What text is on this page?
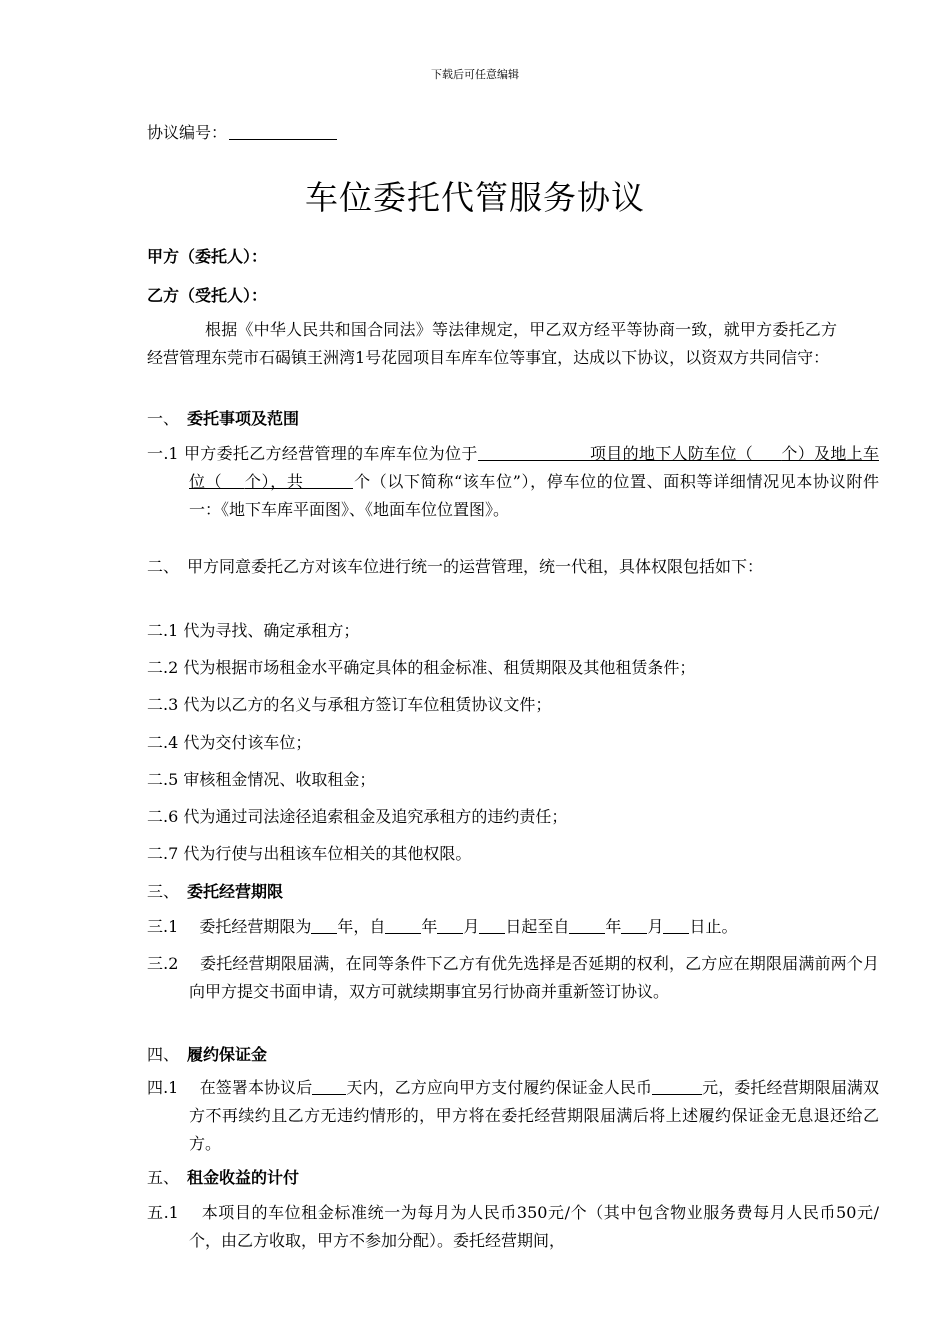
下载后可任意编辑
协议编号：
车位委托代管服务协议
甲方（委托人）：
乙方（受托人）：
根据《中华人民共和国合同法》等法律规定，甲乙双方经平等协商一致，就甲方委托乙方经营管理东莞市石碣镇王洲湾1号花园项目车库车位等事宜，达成以下协议，以资双方共同信守：
一、 委托事项及范围
一.1 甲方委托乙方经营管理的车库车位为位于	项目的地下人防车位（ 个）及地上车位（ 个），共	个（以下简称“该车位”），停车位的位置、面积等详细情况见本协议附件一：《地下车库平面图》、《地面车位位置图》。
二、　甲方同意委托乙方对该车位进行统一的运营管理，统一代租，具体权限包括如下：
二.1 代为寻找、确定承租方；
二.2 代为根据市场租金水平确定具体的租金标准、租赁期限及其他租赁条件；
二.3 代为以乙方的名义与承租方签订车位租赁协议文件；
二.4 代为交付该车位；
二.5 审核租金情况、收取租金；
二.6 代为通过司法途径追索租金及追究承租方的违约责任；
二.7 代为行使与出租该车位相关的其他权限。
三、 委托经营期限
三.1　 委托经营期限为 年，自 年 月 日起至自 年 月 日止。
三.2　 委托经营期限届满，在同等条件下乙方有优先选择是否延期的权利，乙方应在期限届满前两个月向甲方提交书面申请，双方可就续期事宜另行协商并重新签订协议。
四、 履约保证金
四.1　 在签署本协议后 天内，乙方应向甲方支付履约保证金人民币	元，委托经营期限届满双方不再续约且乙方无违约情形的，甲方将在委托经营期限届满后将上述履约保证金无息退还给乙方。
五、 租金收益的计付
五.1　 本项目的车位租金标准统一为每月为人民币350元/个（其中包含物业服务费每月人民币50元/个，由乙方收取，甲方不参加分配）。委托经营期间，
